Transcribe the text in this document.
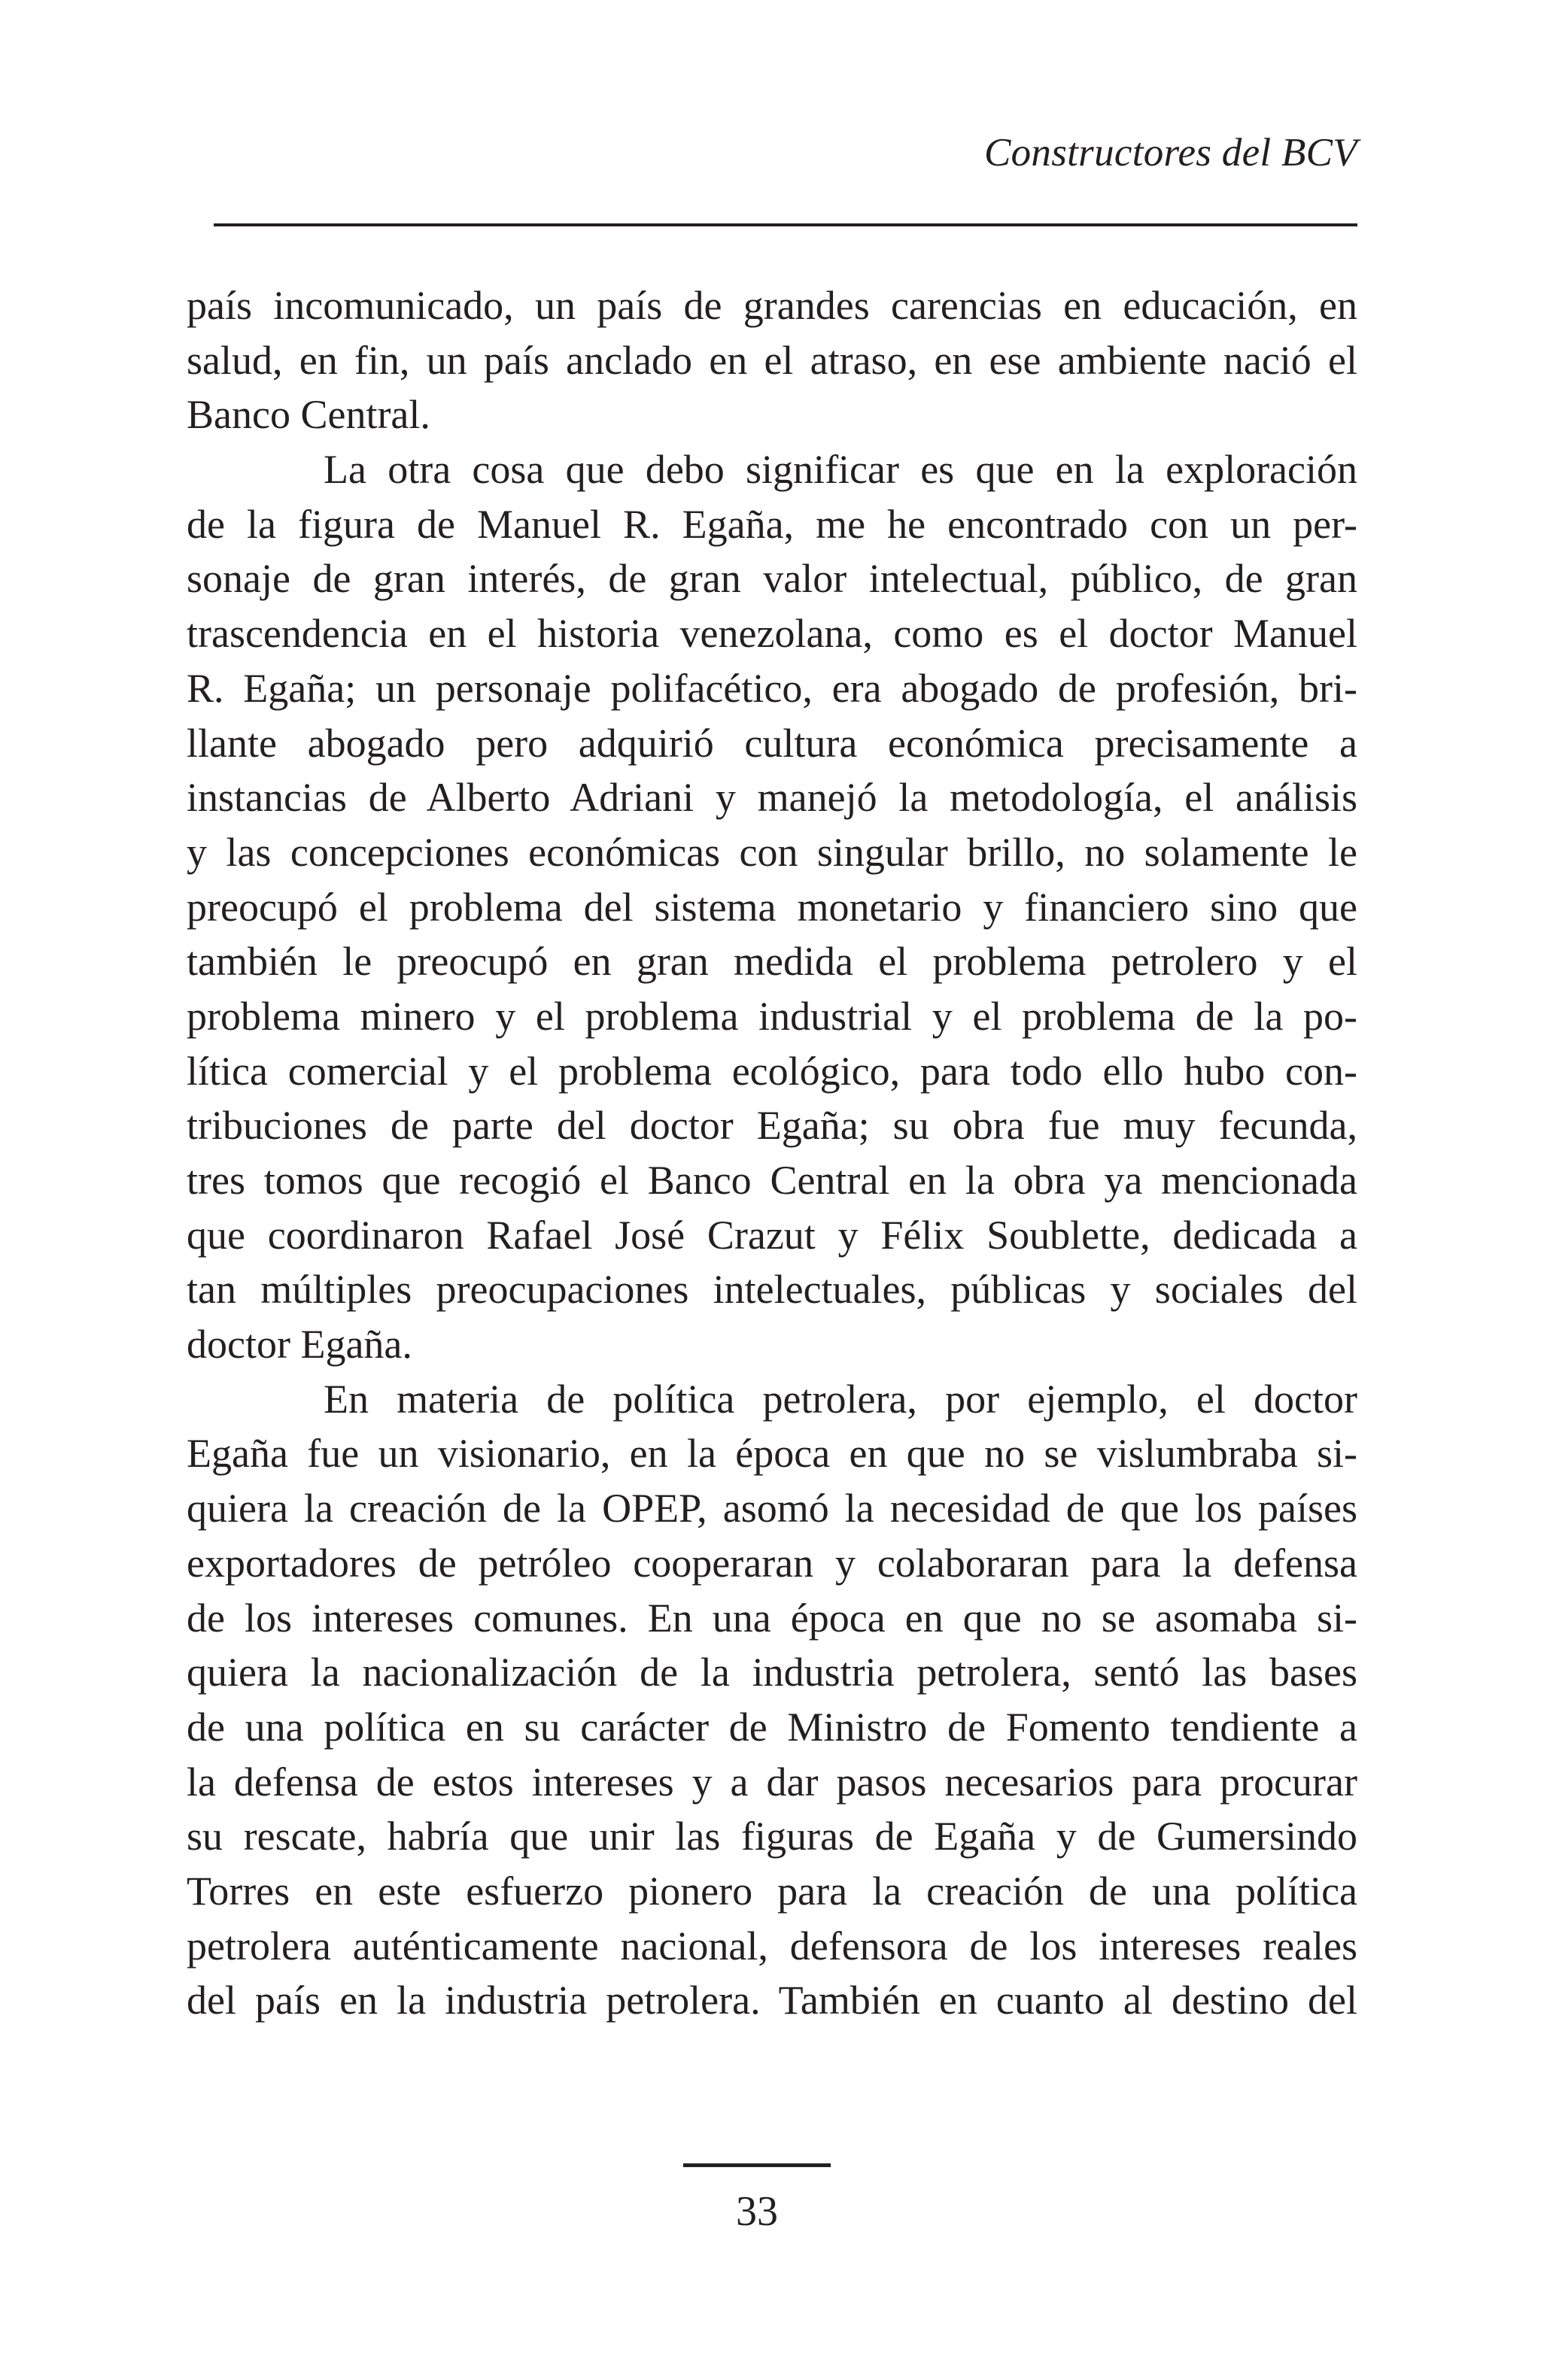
Constructores del BCV
país incomunicado, un país de grandes carencias en educación, en
salud, en fin, un país anclado en el atraso, en ese ambiente nació el
Banco Central.
La otra cosa que debo significar es que en la exploración
de la figura de Manuel R. Egaña, me he encontrado con un per-
sonaje de gran interés, de gran valor intelectual, público, de gran
trascendencia en el historia venezolana, como es el doctor Manuel
R. Egaña; un personaje polifacético, era abogado de profesión, bri-
llante abogado pero adquirió cultura económica precisamente a
instancias de Alberto Adriani y manejó la metodología, el análisis
y las concepciones económicas con singular brillo, no solamente le
preocupó el problema del sistema monetario y financiero sino que
también le preocupó en gran medida el problema petrolero y el
problema minero y el problema industrial y el problema de la po-
lítica comercial y el problema ecológico, para todo ello hubo con-
tribuciones de parte del doctor Egaña; su obra fue muy fecunda,
tres tomos que recogió el Banco Central en la obra ya mencionada
que coordinaron Rafael José Crazut y Félix Soublette, dedicada a
tan múltiples preocupaciones intelectuales, públicas y sociales del
doctor Egaña.
En materia de política petrolera, por ejemplo, el doctor
Egaña fue un visionario, en la época en que no se vislumbraba si-
quiera la creación de la OPEP, asomó la necesidad de que los países
exportadores de petróleo cooperaran y colaboraran para la defensa
de los intereses comunes. En una época en que no se asomaba si-
quiera la nacionalización de la industria petrolera, sentó las bases
de una política en su carácter de Ministro de Fomento tendiente a
la defensa de estos intereses y a dar pasos necesarios para procurar
su rescate, habría que unir las figuras de Egaña y de Gumersindo
Torres en este esfuerzo pionero para la creación de una política
petrolera auténticamente nacional, defensora de los intereses reales
del país en la industria petrolera. También en cuanto al destino del
33
